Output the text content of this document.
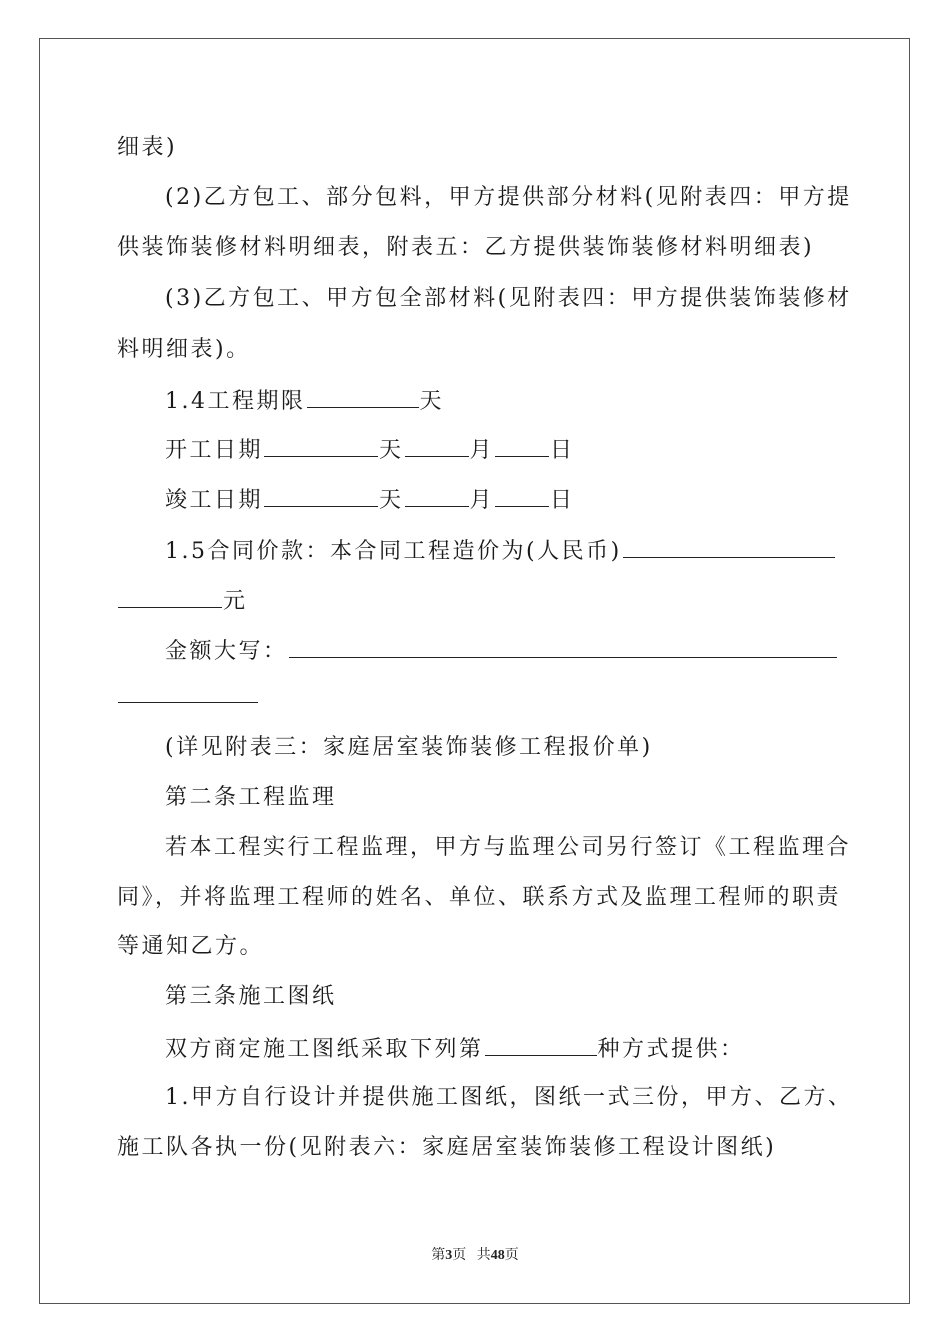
细表)
(2)乙方包工、部分包料，甲方提供部分材料(见附表四：甲方提
供装饰装修材料明细表，附表五：乙方提供装饰装修材料明细表)
(3)乙方包工、甲方包全部材料(见附表四：甲方提供装饰装修材
料明细表)。
1.4工程期限	天
开工日期	天	月	日
竣工日期	天	月	日
1.5合同价款：本合同工程造价为(人民币)
元
金额大写：
(详见附表三：家庭居室装饰装修工程报价单)
第二条工程监理
若本工程实行工程监理，甲方与监理公司另行签订《工程监理合
同》，并将监理工程师的姓名、单位、联系方式及监理工程师的职责
等通知乙方。
第三条施工图纸
双方商定施工图纸采取下列第	种方式提供：
1.甲方自行设计并提供施工图纸，图纸一式三份，甲方、乙方、
施工队各执一份(见附表六：家庭居室装饰装修工程设计图纸)
第3页 共48页
